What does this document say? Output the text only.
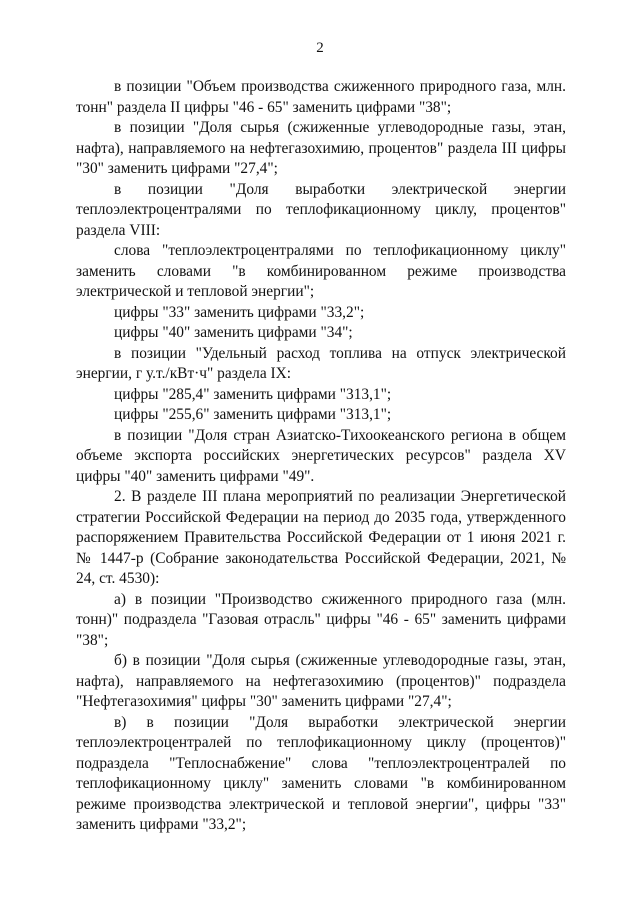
2

в позиции "Объем производства сжиженного природного газа, млн. тонн" раздела II цифры "46 - 65" заменить цифрами "38";

в позиции "Доля сырья (сжиженные углеводородные газы, этан, нафта), направляемого на нефтегазохимию, процентов" раздела III цифры "30" заменить цифрами "27,4";

в позиции "Доля выработки электрической энергии теплоэлектроцентралями по теплофикационному циклу, процентов" раздела VIII:

слова "теплоэлектроцентралями по теплофикационному циклу" заменить словами "в комбинированном режиме производства электрической и тепловой энергии";

цифры "33" заменить цифрами "33,2";

цифры "40" заменить цифрами "34";

в позиции "Удельный расход топлива на отпуск электрической энергии, г у.т./кВт·ч" раздела IX:

цифры "285,4" заменить цифрами "313,1";

цифры "255,6" заменить цифрами "313,1";

в позиции "Доля стран Азиатско-Тихоокеанского региона в общем объеме экспорта российских энергетических ресурсов" раздела XV цифры "40" заменить цифрами "49".

2. В разделе III плана мероприятий по реализации Энергетической стратегии Российской Федерации на период до 2035 года, утвержденного распоряжением Правительства Российской Федерации от 1 июня 2021 г. № 1447-р (Собрание законодательства Российской Федерации, 2021, № 24, ст. 4530):

а) в позиции "Производство сжиженного природного газа (млн. тонн)" подраздела "Газовая отрасль" цифры "46 - 65" заменить цифрами "38";

б) в позиции "Доля сырья (сжиженные углеводородные газы, этан, нафта), направляемого на нефтегазохимию (процентов)" подраздела "Нефтегазохимия" цифры "30" заменить цифрами "27,4";

в) в позиции "Доля выработки электрической энергии теплоэлектроцентралей по теплофикационному циклу (процентов)" подраздела "Теплоснабжение" слова "теплоэлектроцентралей по теплофикационному циклу" заменить словами "в комбинированном режиме производства электрической и тепловой энергии", цифры "33" заменить цифрами "33,2";
